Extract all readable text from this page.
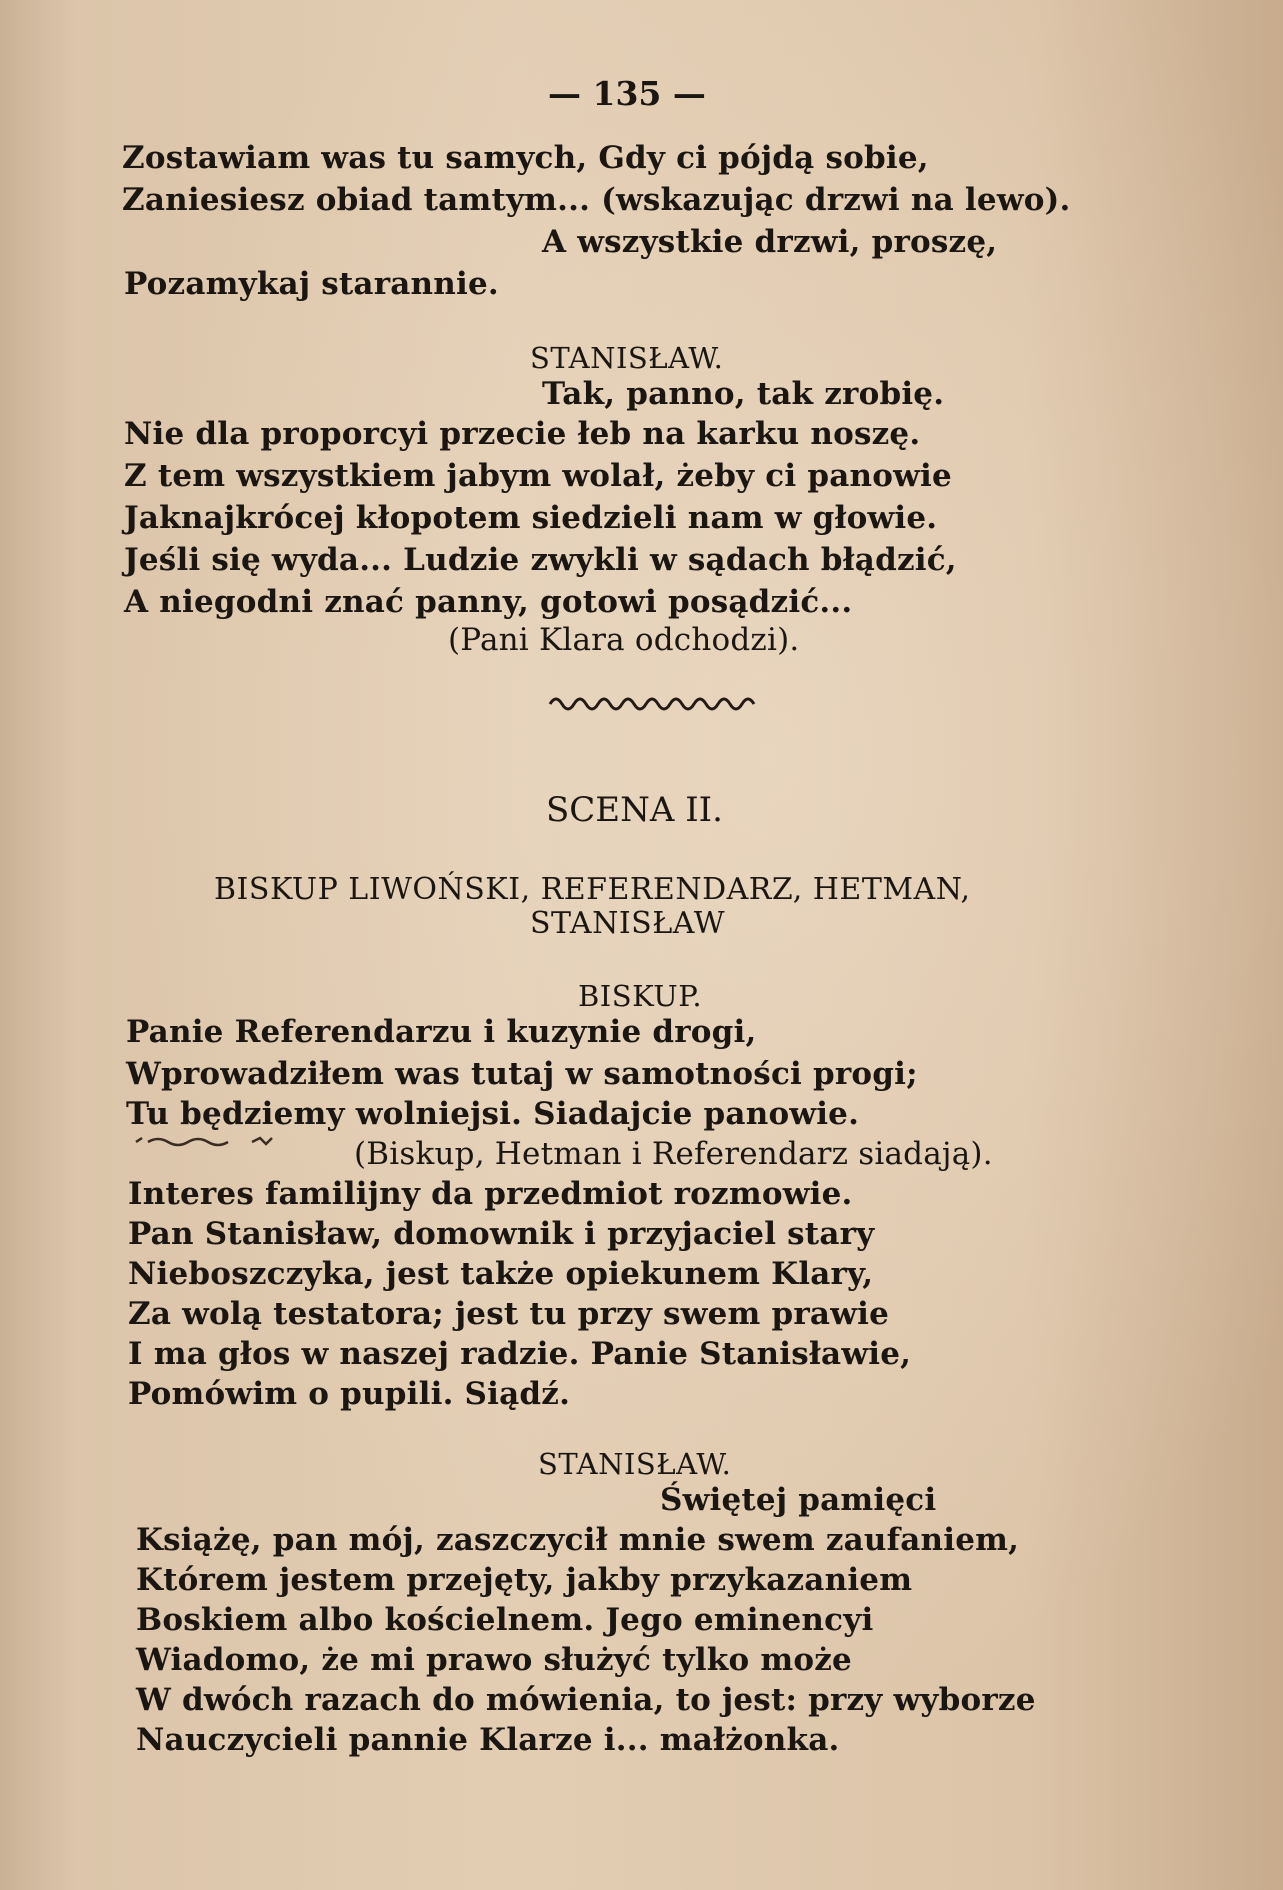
— 135 —
Zostawiam was tu samych, Gdy ci pójdą sobie,
Zaniesiesz obiad tamtym... (wskazując drzwi na lewo).
A wszystkie drzwi, proszę,
Pozamykaj starannie.
STANISŁAW.
Tak, panno, tak zrobię.
Nie dla proporcyi przecie łeb na karku noszę.
Z tem wszystkiem jabym wolał, żeby ci panowie
Jaknajkrócej kłopotem siedzieli nam w głowie.
Jeśli się wyda... Ludzie zwykli w sądach błądzić,
A niegodni znać panny, gotowi posądzić...
(Pani Klara odchodzi).
SCENA II.
BISKUP LIWOŃSKI, REFERENDARZ, HETMAN,
STANISŁAW
BISKUP.
Panie Referendarzu i kuzynie drogi,
Wprowadziłem was tutaj w samotności progi;
Tu będziemy wolniejsi. Siadajcie panowie.
(Biskup, Hetman i Referendarz siadają).
Interes familijny da przedmiot rozmowie.
Pan Stanisław, domownik i przyjaciel stary
Nieboszczyka, jest także opiekunem Klary,
Za wolą testatora; jest tu przy swem prawie
I ma głos w naszej radzie. Panie Stanisławie,
Pomówim o pupili. Siądź.
STANISŁAW.
Świętej pamięci
Książę, pan mój, zaszczycił mnie swem zaufaniem,
Którem jestem przejęty, jakby przykazaniem
Boskiem albo kościelnem. Jego eminencyi
Wiadomo, że mi prawo służyć tylko może
W dwóch razach do mówienia, to jest: przy wyborze
Nauczycieli pannie Klarze i... małżonka.
